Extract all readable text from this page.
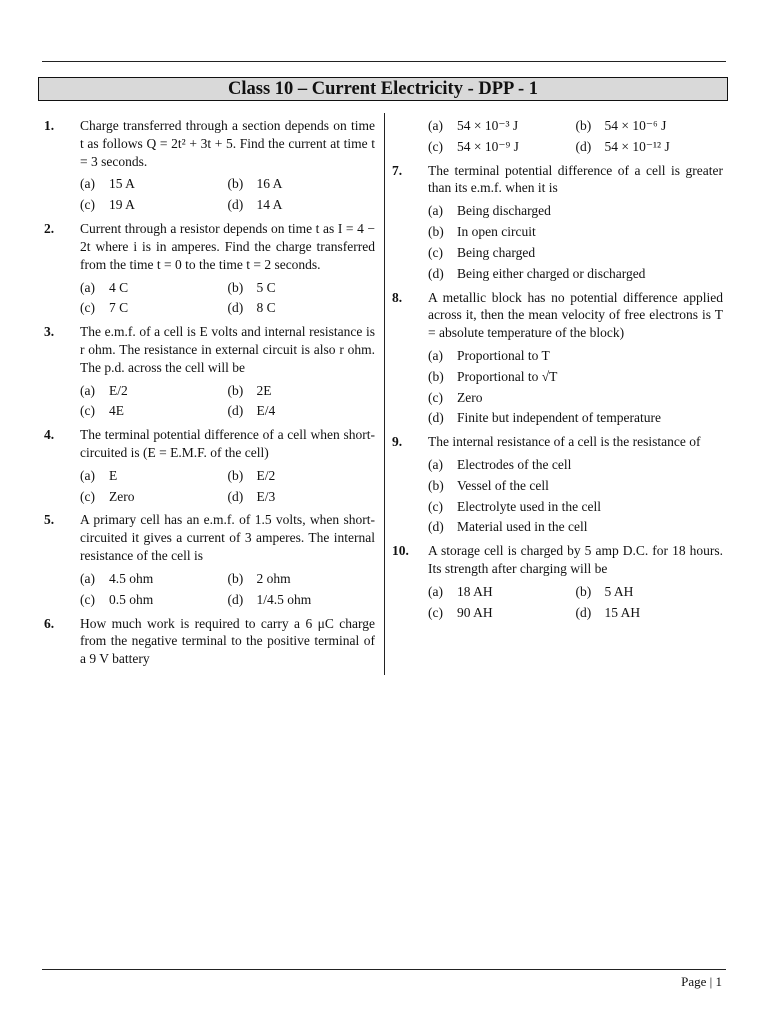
Class 10 – Current Electricity - DPP - 1
1.	Charge transferred through a section depends on time t as follows Q = 2t² + 3t + 5. Find the current at time t = 3 seconds.
(a)	15 A	(b) 16 A
(c)	19 A	(d) 14 A
2.	Current through a resistor depends on time t as I = 4 − 2t where i is in amperes. Find the charge transferred from the time t = 0 to the time t = 2 seconds.
(a)	4 C	(b) 5 C
(c)	7 C	(d) 8 C
3.	The e.m.f. of a cell is E volts and internal resistance is r ohm. The resistance in external circuit is also r ohm. The p.d. across the cell will be
(a)	E/2	(b) 2E
(c)	4E	(d) E/4
4.	The terminal potential difference of a cell when short-circuited is (E = E.M.F. of the cell)
(a)	E	(b) E/2
(c)	Zero	(d) E/3
5.	A primary cell has an e.m.f. of 1.5 volts, when short-circuited it gives a current of 3 amperes. The internal resistance of the cell is
(a)	4.5 ohm	(b) 2 ohm
(c)	0.5 ohm	(d) 1/4.5 ohm
6.	How much work is required to carry a 6 μC charge from the negative terminal to the positive terminal of a 9 V battery
(a)	54 × 10⁻³ J	(b) 54 × 10⁻⁶ J
(c)	54 × 10⁻⁹ J	(d) 54 × 10⁻¹² J
7.	The terminal potential difference of a cell is greater than its e.m.f. when it is
(a)	Being discharged
(b) In open circuit
(c)	Being charged
(d) Being either charged or discharged
8.	A metallic block has no potential difference applied across it, then the mean velocity of free electrons is T = absolute temperature of the block)
(a)	Proportional to T
(b) Proportional to √T
(c)	Zero
(d) Finite but independent of temperature
9.	The internal resistance of a cell is the resistance of
(a)	Electrodes of the cell
(b) Vessel of the cell
(c)	Electrolyte used in the cell
(d) Material used in the cell
10.	A storage cell is charged by 5 amp D.C. for 18 hours. Its strength after charging will be
(a)	18 AH	(b) 5 AH
(c)	90 AH	(d) 15 AH
Page | 1
